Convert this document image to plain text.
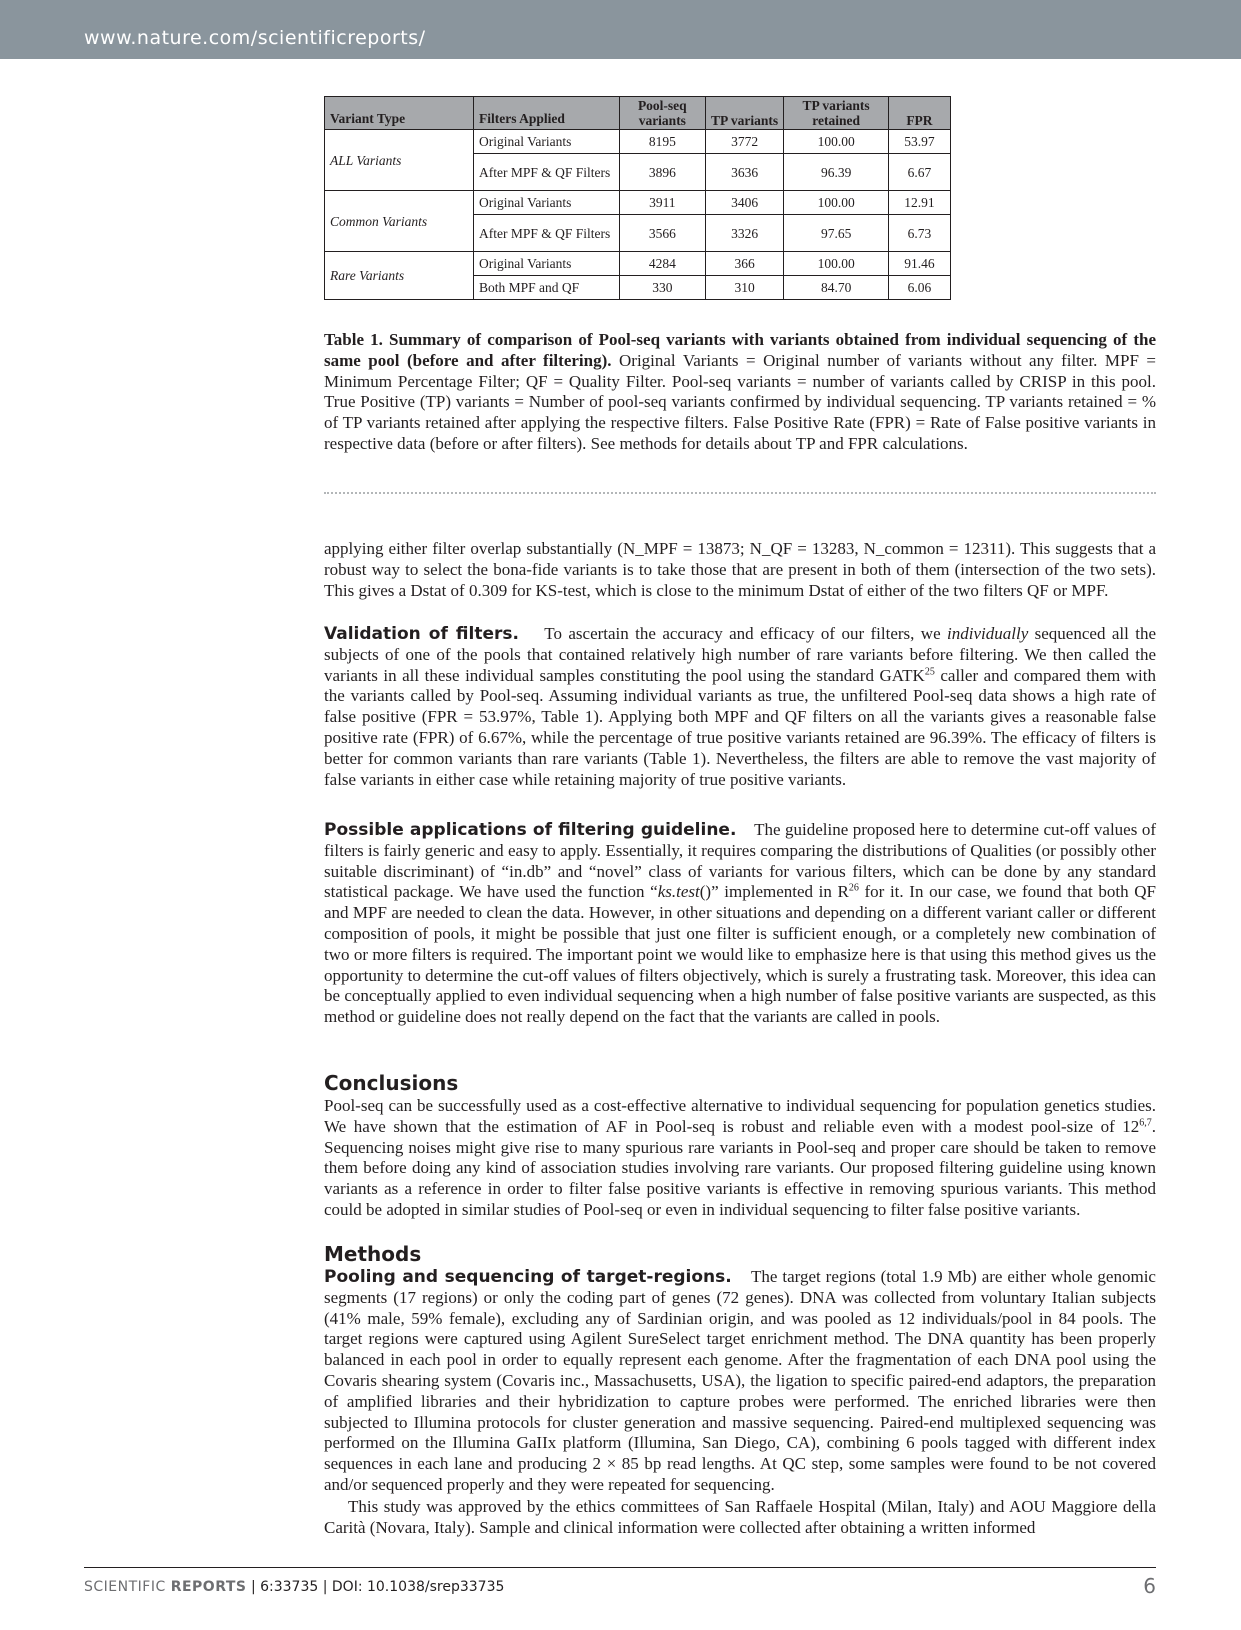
www.nature.com/scientificreports/
Variant Type	Filters Applied	Pool-seq variants	TP variants	TP variants retained	FPR
ALL Variants	Original Variants	8195	3772	100.00	53.97
	After MPF & QF Filters	3896	3636	96.39	6.67
Common Variants	Original Variants	3911	3406	100.00	12.91
	After MPF & QF Filters	3566	3326	97.65	6.73
Rare Variants	Original Variants	4284	366	100.00	91.46
	Both MPF and QF	330	310	84.70	6.06
Table 1. Summary of comparison of Pool-seq variants with variants obtained from individual sequencing of the same pool (before and after filtering). Original Variants = Original number of variants without any filter. MPF = Minimum Percentage Filter; QF = Quality Filter. Pool-seq variants = number of variants called by CRISP in this pool. True Positive (TP) variants = Number of pool-seq variants confirmed by individual sequencing. TP variants retained = % of TP variants retained after applying the respective filters. False Positive Rate (FPR) = Rate of False positive variants in respective data (before or after filters). See methods for details about TP and FPR calculations.

applying either filter overlap substantially (N_MPF = 13873; N_QF = 13283, N_common = 12311). This suggests that a robust way to select the bona-fide variants is to take those that are present in both of them (intersection of the two sets). This gives a Dstat of 0.309 for KS-test, which is close to the minimum Dstat of either of the two filters QF or MPF.

Validation of filters. To ascertain the accuracy and efficacy of our filters, we individually sequenced all the subjects of one of the pools that contained relatively high number of rare variants before filtering. We then called the variants in all these individual samples constituting the pool using the standard GATK$^{25}$ caller and compared them with the variants called by Pool-seq. Assuming individual variants as true, the unfiltered Pool-seq data shows a high rate of false positive (FPR = 53.97%, Table 1). Applying both MPF and QF filters on all the variants gives a reasonable false positive rate (FPR) of 6.67%, while the percentage of true positive variants retained are 96.39%. The efficacy of filters is better for common variants than rare variants (Table 1). Nevertheless, the filters are able to remove the vast majority of false variants in either case while retaining majority of true positive variants.

Possible applications of filtering guideline. The guideline proposed here to determine cut-off values of filters is fairly generic and easy to apply. Essentially, it requires comparing the distributions of Qualities (or possibly other suitable discriminant) of “in.db” and “novel” class of variants for various filters, which can be done by any standard statistical package. We have used the function “ks.test()” implemented in $R^{26}$ for it. In our case, we found that both QF and MPF are needed to clean the data. However, in other situations and depending on a different variant caller or different composition of pools, it might be possible that just one filter is sufficient enough, or a completely new combination of two or more filters is required. The important point we would like to emphasize here is that using this method gives us the opportunity to determine the cut-off values of filters objectively, which is surely a frustrating task. Moreover, this idea can be conceptually applied to even individual sequencing when a high number of false positive variants are suspected, as this method or guideline does not really depend on the fact that the variants are called in pools.

Conclusions

Pool-seq can be successfully used as a cost-effective alternative to individual sequencing for population genetics studies. We have shown that the estimation of AF in Pool-seq is robust and reliable even with a modest pool-size of 12$^{6,7}$. Sequencing noises might give rise to many spurious rare variants in Pool-seq and proper care should be taken to remove them before doing any kind of association studies involving rare variants. Our proposed filtering guideline using known variants as a reference in order to filter false positive variants is effective in removing spurious variants. This method could be adopted in similar studies of Pool-seq or even in individual sequencing to filter false positive variants.

Methods

Pooling and sequencing of target-regions. The target regions (total 1.9 Mb) are either whole genomic segments (17 regions) or only the coding part of genes (72 genes). DNA was collected from voluntary Italian subjects (41% male, 59% female), excluding any of Sardinian origin, and was pooled as 12 individuals/pool in 84 pools. The target regions were captured using Agilent SureSelect target enrichment method. The DNA quantity has been properly balanced in each pool in order to equally represent each genome. After the fragmentation of each DNA pool using the Covaris shearing system (Covaris inc., Massachusetts, USA), the ligation to specific paired-end adaptors, the preparation of amplified libraries and their hybridization to capture probes were performed. The enriched libraries were then subjected to Illumina protocols for cluster generation and massive sequencing. Paired-end multiplexed sequencing was performed on the Illumina GaIIx platform (Illumina, San Diego, CA), combining 6 pools tagged with different index sequences in each lane and producing 2 × 85 bp read lengths. At QC step, some samples were found to be not covered and/or sequenced properly and they were repeated for sequencing.

This study was approved by the ethics committees of San Raffaele Hospital (Milan, Italy) and AOU Maggiore della Carità (Novara, Italy). Sample and clinical information were collected after obtaining a written informed

SCIENTIFIC REPORTS | 6:33735 | DOI: 10.1038/srep33735	6
